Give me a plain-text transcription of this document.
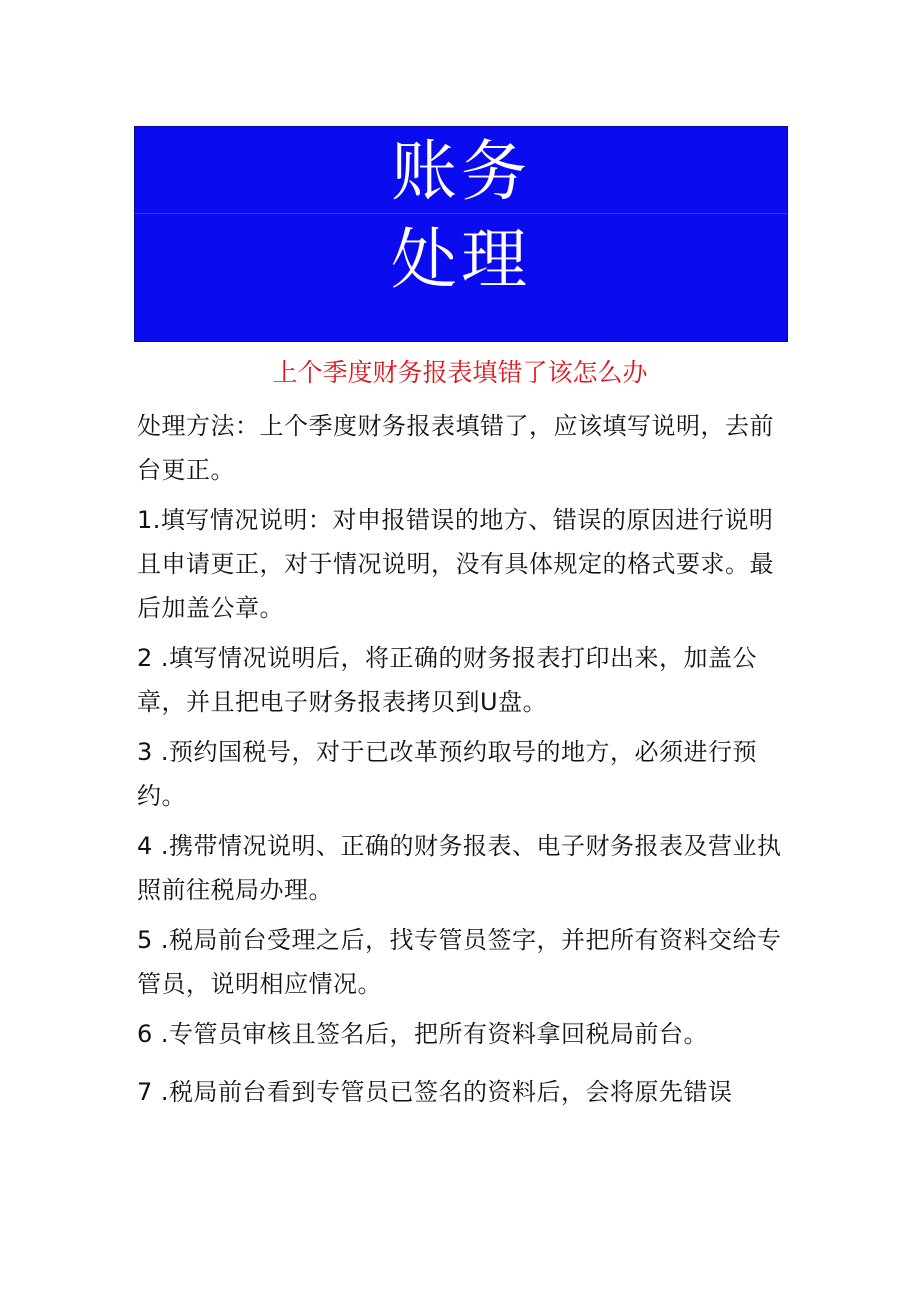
账务
处理
上个季度财务报表填错了该怎么办

处理方法：上个季度财务报表填错了，应该填写说明，去前台更正。

1.填写情况说明：对申报错误的地方、错误的原因进行说明且申请更正，对于情况说明，没有具体规定的格式要求。最后加盖公章。

2 .填写情况说明后，将正确的财务报表打印出来，加盖公章，并且把电子财务报表拷贝到U盘。

3 .预约国税号，对于已改革预约取号的地方，必须进行预约。

4 .携带情况说明、正确的财务报表、电子财务报表及营业执照前往税局办理。

5 .税局前台受理之后，找专管员签字，并把所有资料交给专管员，说明相应情况。

6 .专管员审核且签名后，把所有资料拿回税局前台。

7 .税局前台看到专管员已签名的资料后，会将原先错误
